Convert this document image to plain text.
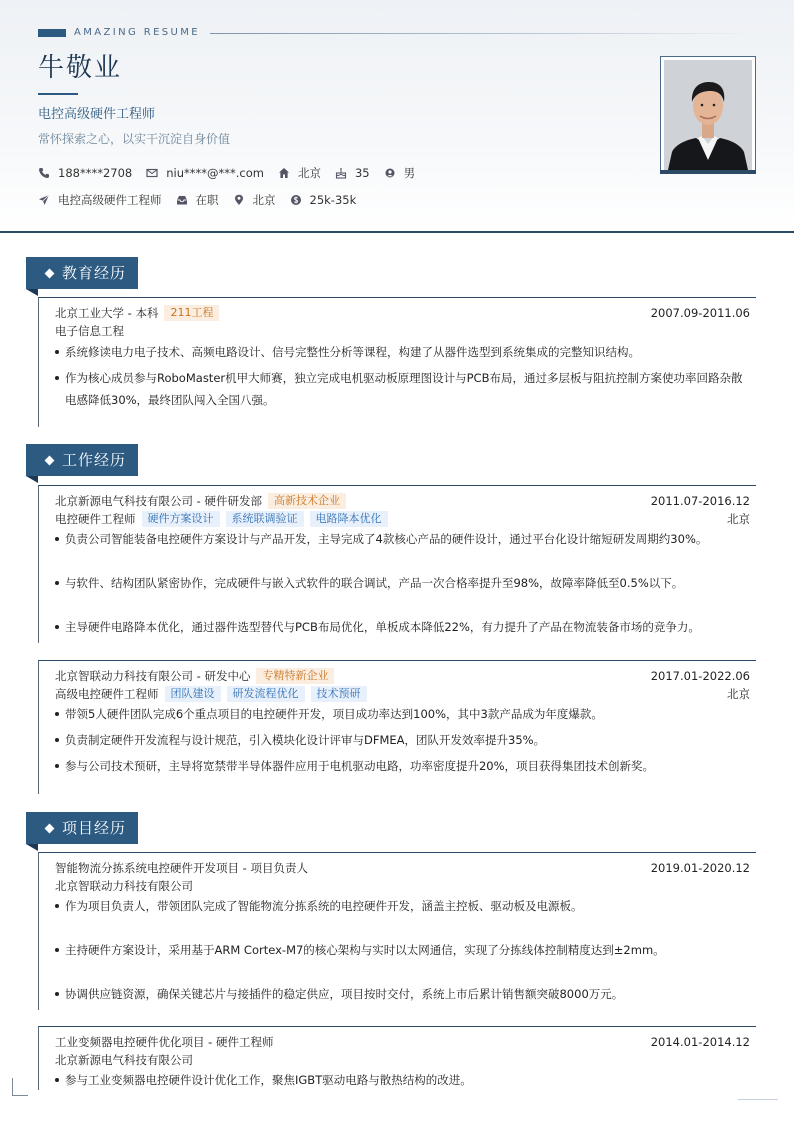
AMAZING RESUME
牛敬业
电控高级硬件工程师
常怀探索之心，以实干沉淀自身价值
188****2708	niu****@***.com	北京	35	男
电控高级硬件工程师	在职	北京	25k-35k
教育经历
北京工业大学 - 本科	211工程	2007.09-2011.06
电子信息工程
系统修读电力电子技术、高频电路设计、信号完整性分析等课程，构建了从器件选型到系统集成的完整知识结构。
作为核心成员参与RoboMaster机甲大师赛，独立完成电机驱动板原理图设计与PCB布局，通过多层板与阻抗控制方案使功率回路杂散电感降低30%，最终团队闯入全国八强。
工作经历
北京新源电气科技有限公司 - 硬件研发部	高新技术企业	2011.07-2016.12
电控硬件工程师	硬件方案设计	系统联调验证	电路降本优化	北京
负责公司智能装备电控硬件方案设计与产品开发，主导完成了4款核心产品的硬件设计，通过平台化设计缩短研发周期约30%。
与软件、结构团队紧密协作，完成硬件与嵌入式软件的联合调试，产品一次合格率提升至98%，故障率降低至0.5%以下。
主导硬件电路降本优化，通过器件选型替代与PCB布局优化，单板成本降低22%，有力提升了产品在物流装备市场的竞争力。
北京智联动力科技有限公司 - 研发中心	专精特新企业	2017.01-2022.06
高级电控硬件工程师	团队建设	研发流程优化	技术预研	北京
带领5人硬件团队完成6个重点项目的电控硬件开发，项目成功率达到100%，其中3款产品成为年度爆款。
负责制定硬件开发流程与设计规范，引入模块化设计评审与DFMEA，团队开发效率提升35%。
参与公司技术预研，主导将宽禁带半导体器件应用于电机驱动电路，功率密度提升20%，项目获得集团技术创新奖。
项目经历
智能物流分拣系统电控硬件开发项目 - 项目负责人	2019.01-2020.12
北京智联动力科技有限公司
作为项目负责人，带领团队完成了智能物流分拣系统的电控硬件开发，涵盖主控板、驱动板及电源板。
主持硬件方案设计，采用基于ARM Cortex-M7的核心架构与实时以太网通信，实现了分拣线体控制精度达到±2mm。
协调供应链资源，确保关键芯片与接插件的稳定供应，项目按时交付，系统上市后累计销售额突破8000万元。
工业变频器电控硬件优化项目 - 硬件工程师	2014.01-2014.12
北京新源电气科技有限公司
参与工业变频器电控硬件设计优化工作，聚焦IGBT驱动电路与散热结构的改进。
